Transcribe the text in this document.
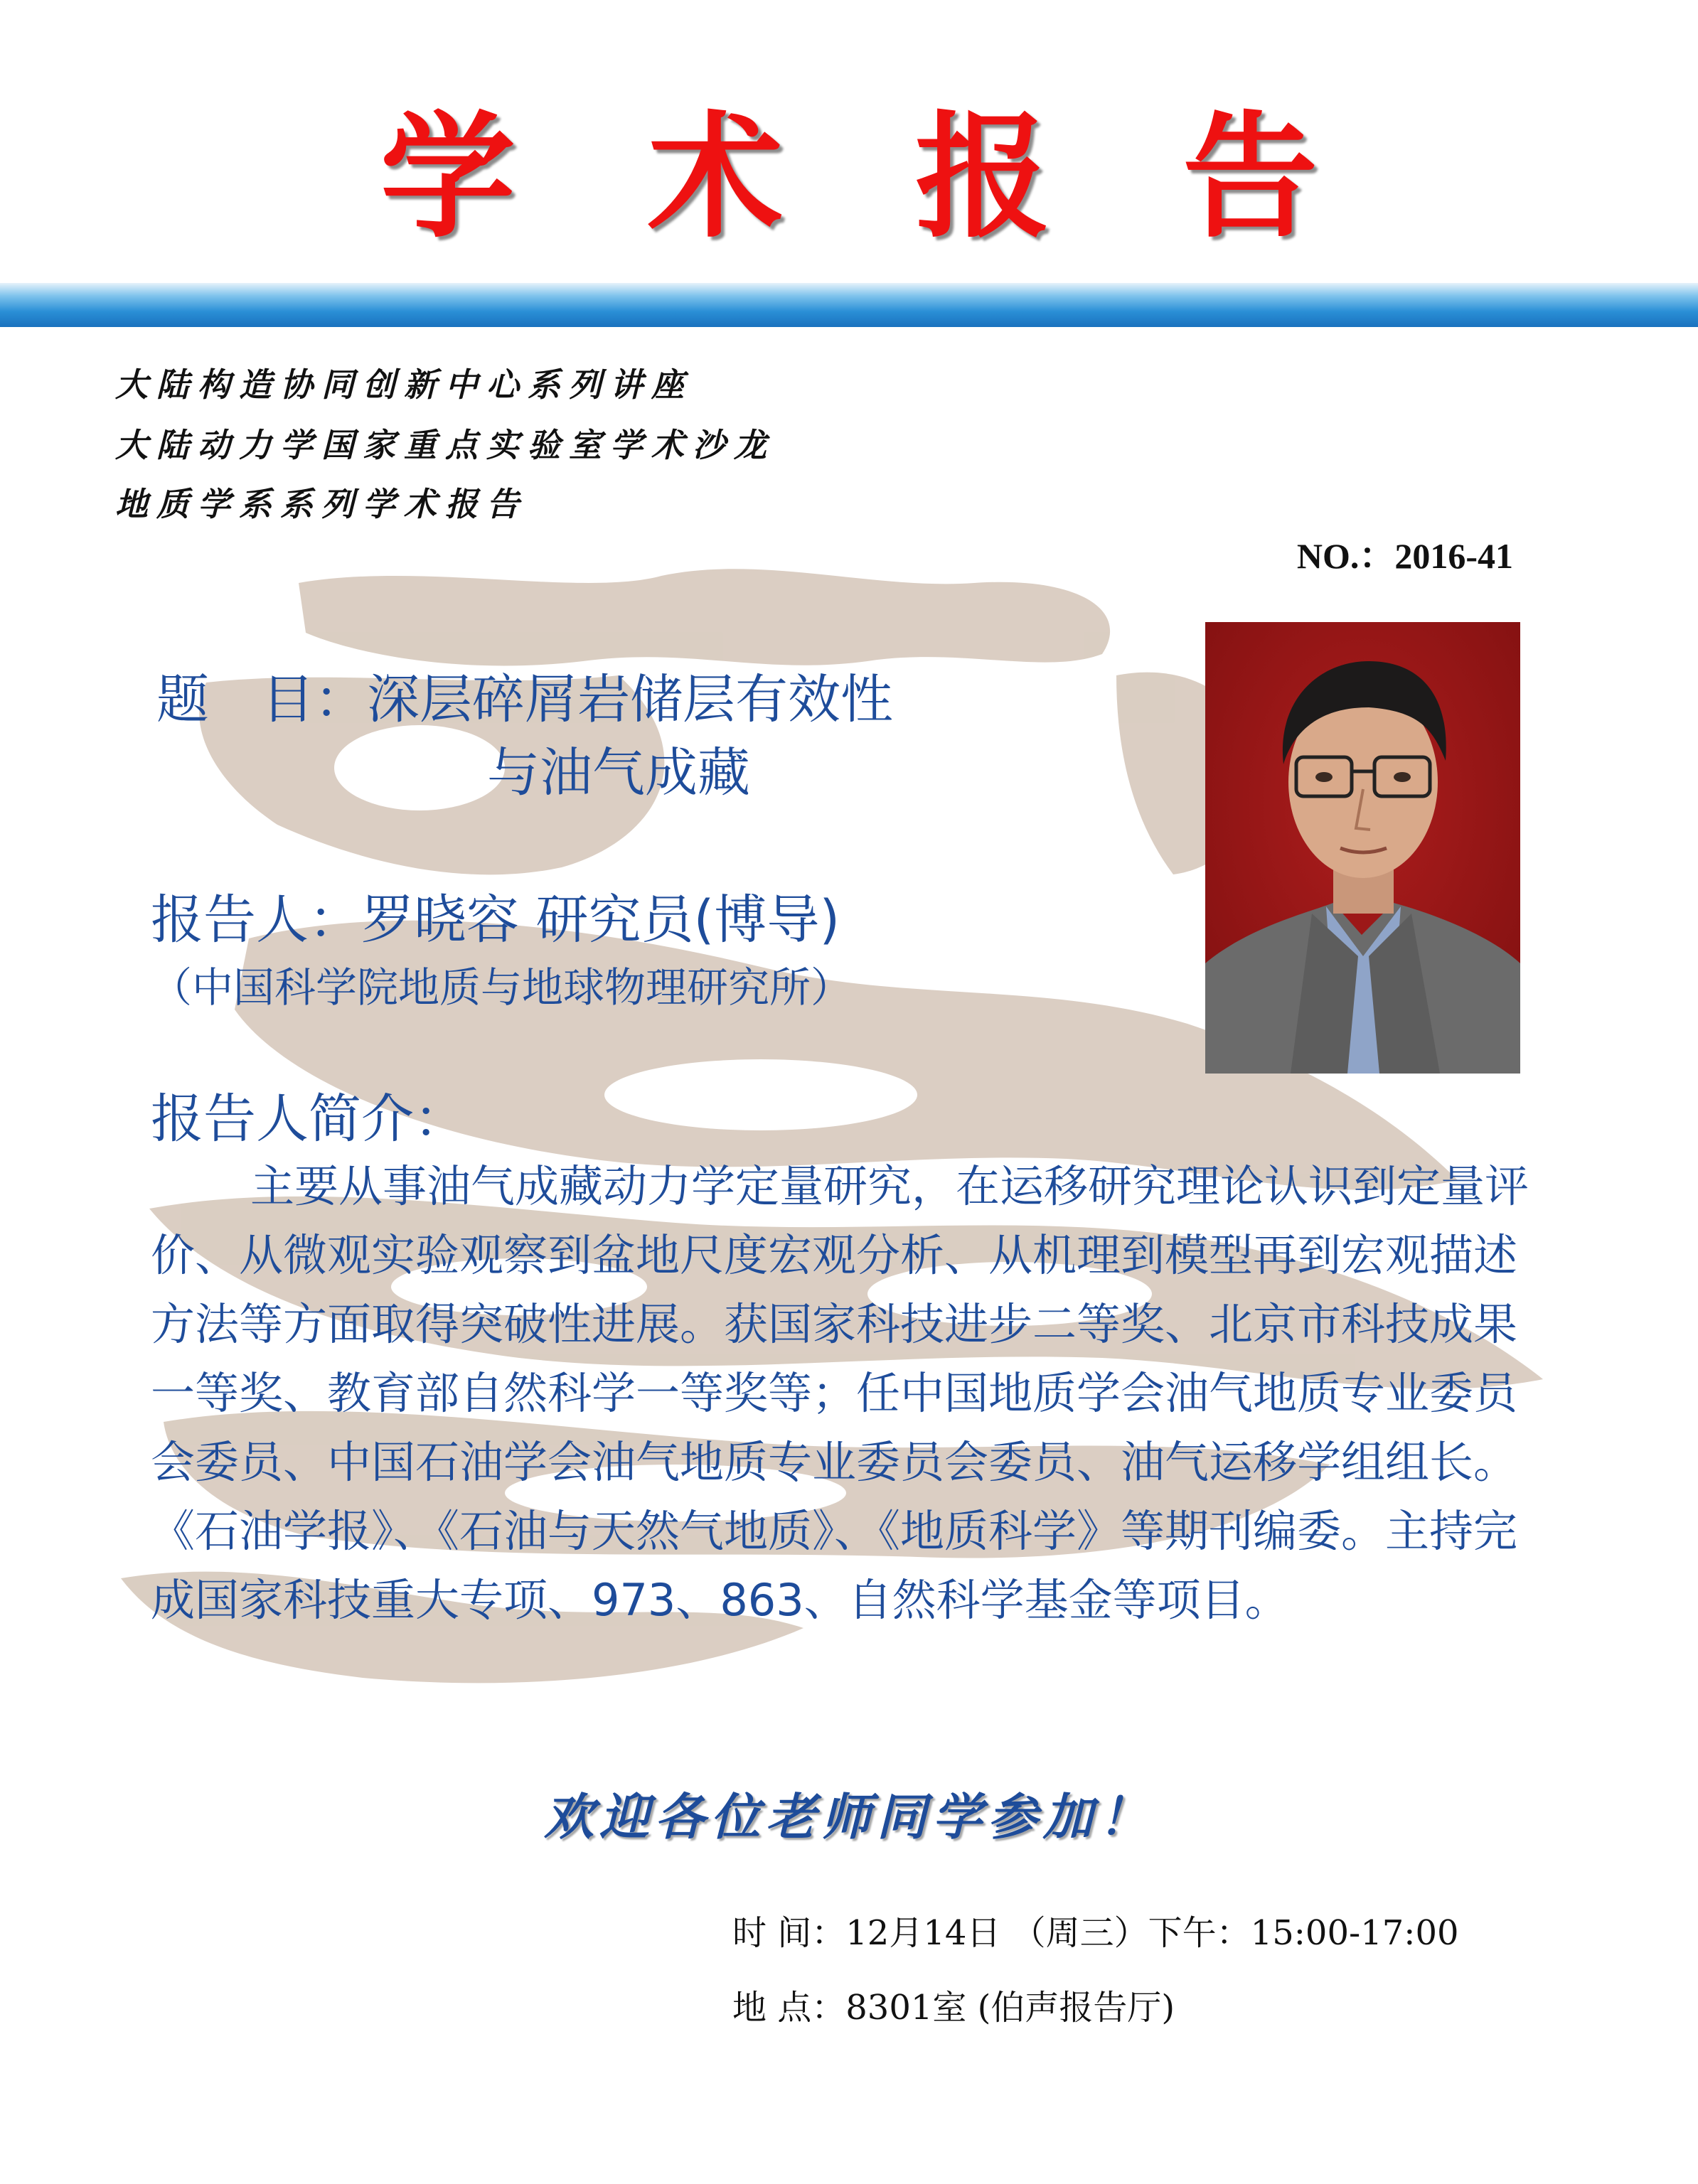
学 术 报 告
大陆构造协同创新中心系列讲座
大陆动力学国家重点实验室学术沙龙
地质学系系列学术报告
NO.：2016-41
题　目：深层碎屑岩储层有效性
与油气成藏
报告人：罗晓容 研究员(博导)
（中国科学院地质与地球物理研究所）
报告人简介：

主要从事油气成藏动力学定量研究，在运移研究理论认识到定量评价、从微观实验观察到盆地尺度宏观分析、从机理到模型再到宏观描述方法等方面取得突破性进展。获国家科技进步二等奖、北京市科技成果一等奖、教育部自然科学一等奖等；任中国地质学会油气地质专业委员会委员、中国石油学会油气地质专业委员会委员、油气运移学组组长。《石油学报》、《石油与天然气地质》、《地质科学》等期刊编委。主持完成国家科技重大专项、973、863、自然科学基金等项目。

欢迎各位老师同学参加！
时 间：12月14日 （周三）下午：15:00-17:00
地 点：8301室 (伯声报告厅)
